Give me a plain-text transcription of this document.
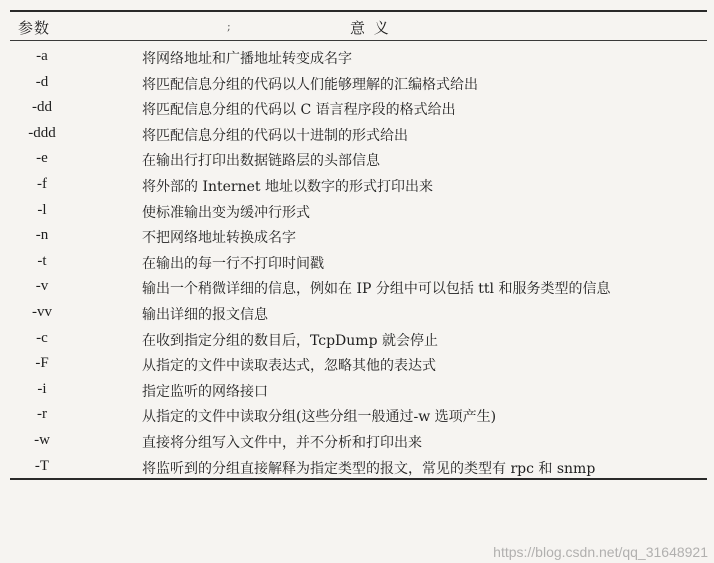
参数	;	意 义
-a	将网络地址和广播地址转变成名字
-d	将匹配信息分组的代码以人们能够理解的汇编格式给出
-dd	将匹配信息分组的代码以 C 语言程序段的格式给出
-ddd	将匹配信息分组的代码以十进制的形式给出
-e	在输出行打印出数据链路层的头部信息
-f	将外部的 Internet 地址以数字的形式打印出来
-l	使标准输出变为缓冲行形式
-n	不把网络地址转换成名字
-t	在输出的每一行不打印时间戳
-v	输出一个稍微详细的信息，例如在 IP 分组中可以包括 ttl 和服务类型的信息
-vv	输出详细的报文信息
-c	在收到指定分组的数目后，TcpDump 就会停止
-F	从指定的文件中读取表达式，忽略其他的表达式
-i	指定监听的网络接口
-r	从指定的文件中读取分组(这些分组一般通过-w 选项产生)
-w	直接将分组写入文件中，并不分析和打印出来
-T	将监听到的分组直接解释为指定类型的报文，常见的类型有 rpc 和 snmp
https://blog.csdn.net/qq_31648921
